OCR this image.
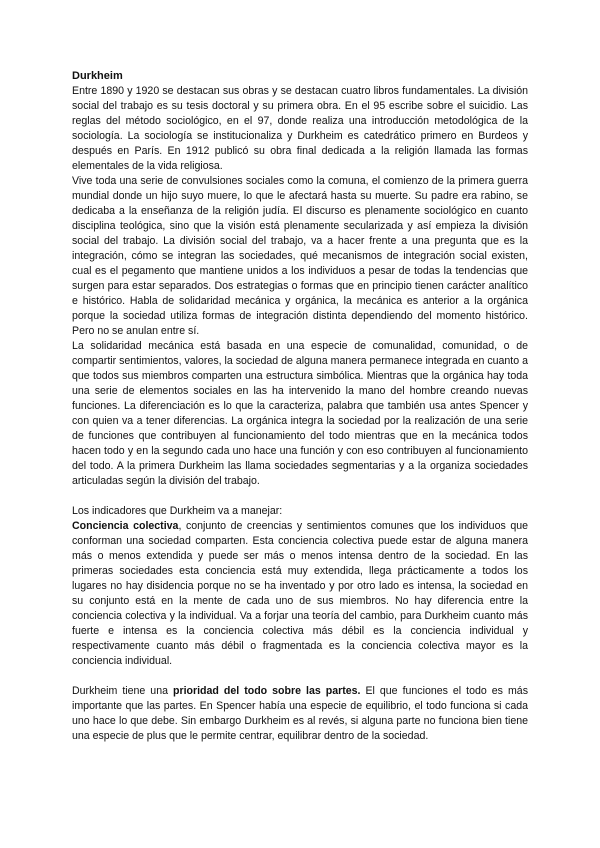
Durkheim

Entre 1890 y 1920 se destacan sus obras y se destacan cuatro libros fundamentales. La división social del trabajo es su tesis doctoral y su primera obra. En el 95 escribe sobre el suicidio. Las reglas del método sociológico, en el 97, donde realiza una introducción metodológica de la sociología. La sociología se institucionaliza y Durkheim es catedrático primero en Burdeos y después en París. En 1912 publicó su obra final dedicada a la religión llamada las formas elementales de la vida religiosa.

Vive toda una serie de convulsiones sociales como la comuna, el comienzo de la primera guerra mundial donde un hijo suyo muere, lo que le afectará hasta su muerte. Su padre era rabino, se dedicaba a la enseñanza de la religión judía. El discurso es plenamente sociológico en cuanto disciplina teológica, sino que la visión está plenamente secularizada y así empieza la división social del trabajo. La división social del trabajo, va a hacer frente a una pregunta que es la integración, cómo se integran las sociedades, qué mecanismos de integración social existen, cual es el pegamento que mantiene unidos a los individuos a pesar de todas la tendencias que surgen para estar separados. Dos estrategias o formas que en principio tienen carácter analítico e histórico. Habla de solidaridad mecánica y orgánica, la mecánica es anterior a la orgánica porque la sociedad utiliza formas de integración distinta dependiendo del momento histórico. Pero no se anulan entre sí.

La solidaridad mecánica está basada en una especie de comunalidad, comunidad, o de compartir sentimientos, valores, la sociedad de alguna manera permanece integrada en cuanto a que todos sus miembros comparten una estructura simbólica. Mientras que la orgánica hay toda una serie de elementos sociales en las ha intervenido la mano del hombre creando nuevas funciones. La diferenciación es lo que la caracteriza, palabra que también usa antes Spencer y con quien va a tener diferencias. La orgánica integra la sociedad por la realización de una serie de funciones que contribuyen al funcionamiento del todo mientras que en la mecánica todos hacen todo y en la segundo cada uno hace una función y con eso contribuyen al funcionamiento del todo. A la primera Durkheim las llama sociedades segmentarias y a la organiza sociedades articuladas según la división del trabajo.

Los indicadores que Durkheim va a manejar:

Conciencia colectiva, conjunto de creencias y sentimientos comunes que los individuos que conforman una sociedad comparten. Esta conciencia colectiva puede estar de alguna manera más o menos extendida y puede ser más o menos intensa dentro de la sociedad. En las primeras sociedades esta conciencia está muy extendida, llega prácticamente a todos los lugares no hay disidencia porque no se ha inventado y por otro lado es intensa, la sociedad en su conjunto está en la mente de cada uno de sus miembros. No hay diferencia entre la conciencia colectiva y la individual. Va a forjar una teoría del cambio, para Durkheim cuanto más fuerte e intensa es la conciencia colectiva más débil es la conciencia individual y respectivamente cuanto más débil o fragmentada es la conciencia colectiva mayor es la conciencia individual.

Durkheim tiene una prioridad del todo sobre las partes. El que funciones el todo es más importante que las partes. En Spencer había una especie de equilibrio, el todo funciona si cada uno hace lo que debe. Sin embargo Durkheim es al revés, si alguna parte no funciona bien tiene una especie de plus que le permite centrar, equilibrar dentro de la sociedad.
